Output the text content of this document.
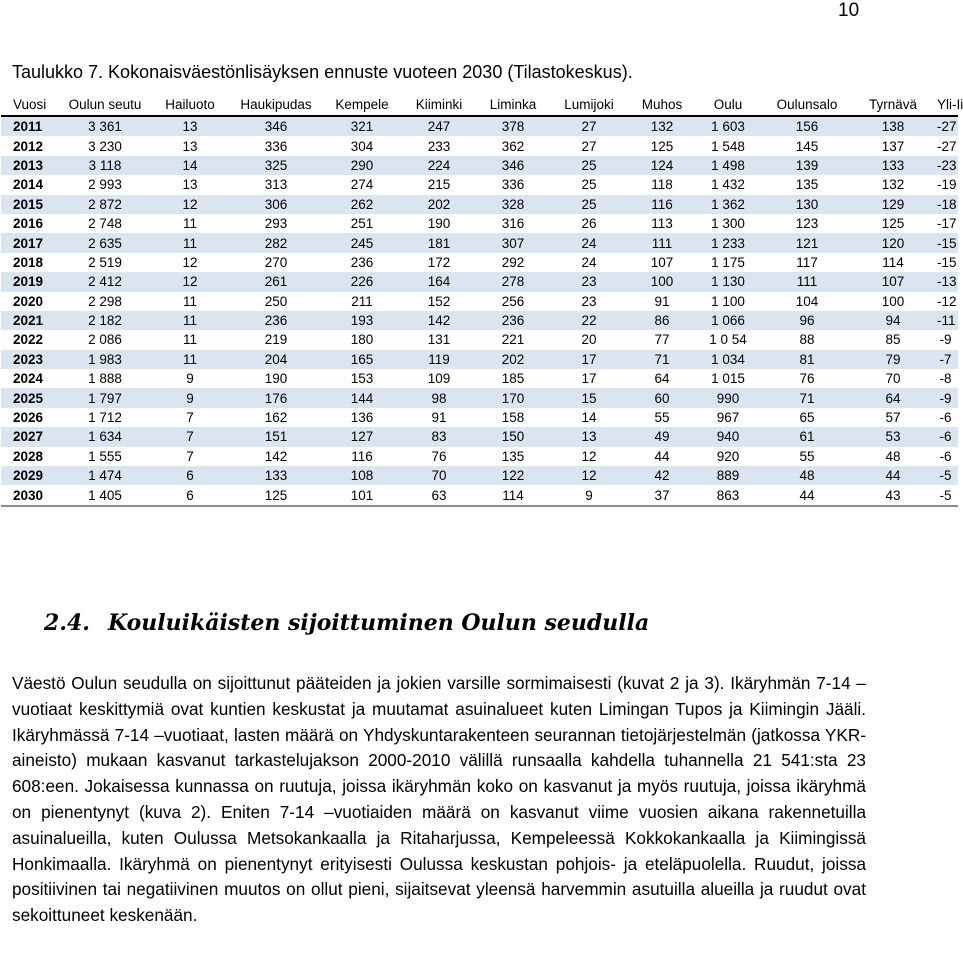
10
Taulukko 7. Kokonaisväestönlisäyksen ennuste vuoteen 2030 (Tilastokeskus).
Vuosi	Oulun seutu	Hailuoto	Haukipudas	Kempele	Kiiminki	Liminka	Lumijoki	Muhos	Oulu	Oulunsalo	Tyrnävä	Yli-Ii
2011	3 361	13	346	321	247	378	27	132	1 603	156	138	-27
2012	3 230	13	336	304	233	362	27	125	1 548	145	137	-27
2013	3 118	14	325	290	224	346	25	124	1 498	139	133	-23
2014	2 993	13	313	274	215	336	25	118	1 432	135	132	-19
2015	2 872	12	306	262	202	328	25	116	1 362	130	129	-18
2016	2 748	11	293	251	190	316	26	113	1 300	123	125	-17
2017	2 635	11	282	245	181	307	24	111	1 233	121	120	-15
2018	2 519	12	270	236	172	292	24	107	1 175	117	114	-15
2019	2 412	12	261	226	164	278	23	100	1 130	111	107	-13
2020	2 298	11	250	211	152	256	23	91	1 100	104	100	-12
2021	2 182	11	236	193	142	236	22	86	1 066	96	94	-11
2022	2 086	11	219	180	131	221	20	77	1 0 54	88	85	-9
2023	1 983	11	204	165	119	202	17	71	1 034	81	79	-7
2024	1 888	9	190	153	109	185	17	64	1 015	76	70	-8
2025	1 797	9	176	144	98	170	15	60	990	71	64	-9
2026	1 712	7	162	136	91	158	14	55	967	65	57	-6
2027	1 634	7	151	127	83	150	13	49	940	61	53	-6
2028	1 555	7	142	116	76	135	12	44	920	55	48	-6
2029	1 474	6	133	108	70	122	12	42	889	48	44	-5
2030	1 405	6	125	101	63	114	9	37	863	44	43	-5
2.4. Kouluikäisten sijoittuminen Oulun seudulla
Väestö Oulun seudulla on sijoittunut pääteiden ja jokien varsille sormimaisesti (kuvat 2 ja 3). Ikäryhmän 7-14 –vuotiaat keskittymiä ovat kuntien keskustat ja muutamat asuinalueet kuten Limingan Tupos ja Kiimingin Jääli. Ikäryhmässä 7-14 –vuotiaat, lasten määrä on Yhdyskuntarakenteen seurannan tietojärjestelmän (jatkossa YKR-aineisto) mukaan kasvanut tarkastelujakson 2000-2010 välillä runsaalla kahdella tuhannella 21 541:sta 23 608:een. Jokaisessa kunnassa on ruutuja, joissa ikäryhmän koko on kasvanut ja myös ruutuja, joissa ikäryhmä on pienentynyt (kuva 2). Eniten 7-14 –vuotiaiden määrä on kasvanut viime vuosien aikana rakennetuilla asuinalueilla, kuten Oulussa Metsokankaalla ja Ritaharjussa, Kempeleessä Kokkokankaalla ja Kiimingissä Honkimaalla. Ikäryhmä on pienentynyt erityisesti Oulussa keskustan pohjois- ja eteläpuolella. Ruudut, joissa positiivinen tai negatiivinen muutos on ollut pieni, sijaitsevat yleensä harvemmin asutuilla alueilla ja ruudut ovat sekoittuneet keskenään.
